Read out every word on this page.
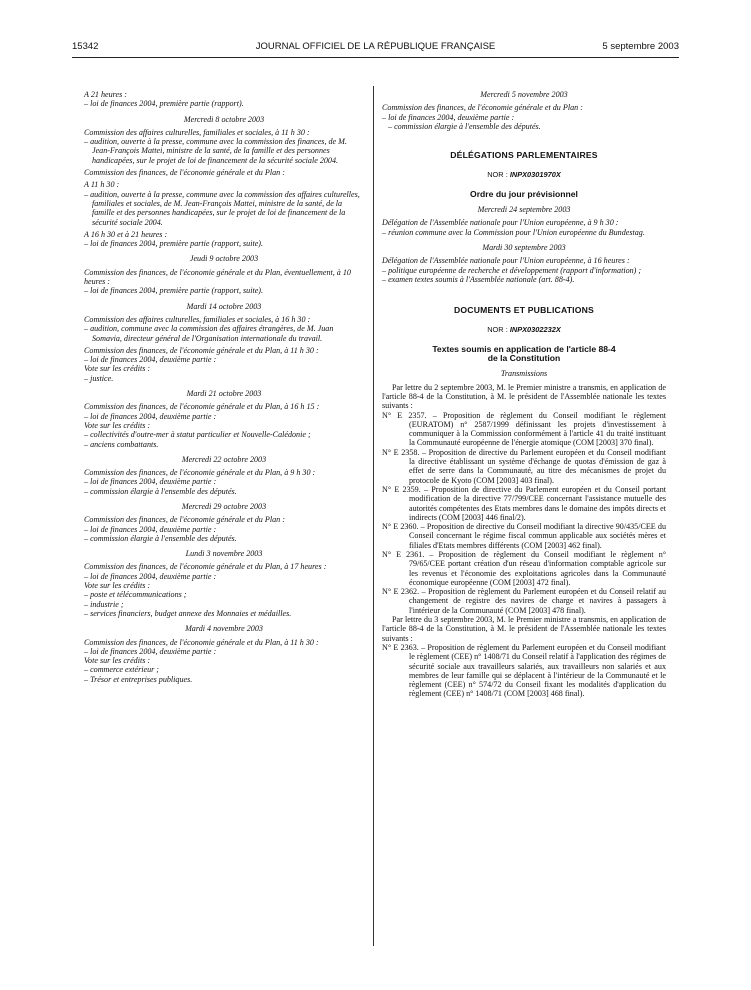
15342	JOURNAL OFFICIEL DE LA RÉPUBLIQUE FRANÇAISE	5 septembre 2003

A 21 heures :

– loi de finances 2004, première partie (rapport).

Mercredi 8 octobre 2003

Commission des affaires culturelles, familiales et sociales, à 11 h 30 :

– audition, ouverte à la presse, commune avec la commission des finances, de M. Jean-François Mattei, ministre de la santé, de la famille et des personnes handicapées, sur le projet de loi de financement de la sécurité sociale 2004.

Commission des finances, de l'économie générale et du Plan :

A 11 h 30 :

– audition, ouverte à la presse, commune avec la commission des affaires culturelles, familiales et sociales, de M. Jean-François Mattei, ministre de la santé, de la famille et des personnes handicapées, sur le projet de loi de financement de la sécurité sociale 2004.

A 16 h 30 et à 21 heures :

– loi de finances 2004, première partie (rapport, suite).

Jeudi 9 octobre 2003

Commission des finances, de l'économie générale et du Plan, éventuellement, à 10 heures :

– loi de finances 2004, première partie (rapport, suite).

Mardi 14 octobre 2003

Commission des affaires culturelles, familiales et sociales, à 16 h 30 :

– audition, commune avec la commission des affaires étrangères, de M. Juan Somavia, directeur général de l'Organisation internationale du travail.

Commission des finances, de l'économie générale et du Plan, à 11 h 30 :

– loi de finances 2004, deuxième partie :

Vote sur les crédits :

– justice.

Mardi 21 octobre 2003

Commission des finances, de l'économie générale et du Plan, à 16 h 15 :

– loi de finances 2004, deuxième partie :

Vote sur les crédits :

– collectivités d'outre-mer à statut particulier et Nouvelle-Calédonie ;

– anciens combattants.

Mercredi 22 octobre 2003

Commission des finances, de l'économie générale et du Plan, à 9 h 30 :

– loi de finances 2004, deuxième partie :

– commission élargie à l'ensemble des députés.

Mercredi 29 octobre 2003

Commission des finances, de l'économie générale et du Plan :

– loi de finances 2004, deuxième partie :

– commission élargie à l'ensemble des députés.

Lundi 3 novembre 2003

Commission des finances, de l'économie générale et du Plan, à 17 heures :

– loi de finances 2004, deuxième partie :

Vote sur les crédits :

– poste et télécommunications ;

– industrie ;

– services financiers, budget annexe des Monnaies et médailles.

Mardi 4 novembre 2003

Commission des finances, de l'économie générale et du Plan, à 11 h 30 :

– loi de finances 2004, deuxième partie :

Vote sur les crédits :

– commerce extérieur ;

– Trésor et entreprises publiques.

Mercredi 5 novembre 2003

Commission des finances, de l'économie générale et du Plan :

– loi de finances 2004, deuxième partie :

– commission élargie à l'ensemble des députés.

DÉLÉGATIONS PARLEMENTAIRES
NOR : INPX0301970X
Ordre du jour prévisionnel

Mercredi 24 septembre 2003

Délégation de l'Assemblée nationale pour l'Union européenne, à 9 h 30 :

– réunion commune avec la Commission pour l'Union européenne du Bundestag.

Mardi 30 septembre 2003

Délégation de l'Assemblée nationale pour l'Union européenne, à 16 heures :

– politique européenne de recherche et développement (rapport d'information) ;

– examen textes soumis à l'Assemblée nationale (art. 88-4).

DOCUMENTS ET PUBLICATIONS
NOR : INPX0302232X
Textes soumis en application de l'article 88-4
de la Constitution

Transmissions

Par lettre du 2 septembre 2003, M. le Premier ministre a transmis, en application de l'article 88-4 de la Constitution, à M. le président de l'Assemblée nationale les textes suivants :

N° E 2357. – Proposition de règlement du Conseil modifiant le règlement (EURATOM) n° 2587/1999 définissant les projets d'investissement à communiquer à la Commission conformément à l'article 41 du traité instituant la Communauté européenne de l'énergie atomique (COM [2003] 370 final).

N° E 2358. – Proposition de directive du Parlement européen et du Conseil modifiant la directive établissant un système d'échange de quotas d'émission de gaz à effet de serre dans la Communauté, au titre des mécanismes de projet du protocole de Kyoto (COM [2003] 403 final).

N° E 2359. – Proposition de directive du Parlement européen et du Conseil portant modification de la directive 77/799/CEE concernant l'assistance mutuelle des autorités compétentes des Etats membres dans le domaine des impôts directs et indirects (COM [2003] 446 final/2).

N° E 2360. – Proposition de directive du Conseil modifiant la directive 90/435/CEE du Conseil concernant le régime fiscal commun applicable aux sociétés mères et filiales d'Etats membres différents (COM [2003] 462 final).

N° E 2361. – Proposition de règlement du Conseil modifiant le règlement n° 79/65/CEE portant création d'un réseau d'information comptable agricole sur les revenus et l'économie des exploitations agricoles dans la Communauté économique européenne (COM [2003] 472 final).

N° E 2362. – Proposition de règlement du Parlement européen et du Conseil relatif au changement de registre des navires de charge et navires à passagers à l'intérieur de la Communauté (COM [2003] 478 final).

Par lettre du 3 septembre 2003, M. le Premier ministre a transmis, en application de l'article 88-4 de la Constitution, à M. le président de l'Assemblée nationale les textes suivants :

N° E 2363. – Proposition de règlement du Parlement européen et du Conseil modifiant le règlement (CEE) n° 1408/71 du Conseil relatif à l'application des régimes de sécurité sociale aux travailleurs salariés, aux travailleurs non salariés et aux membres de leur famille qui se déplacent à l'intérieur de la Communauté et le règlement (CEE) n° 574/72 du Conseil fixant les modalités d'application du règlement (CEE) n° 1408/71 (COM [2003] 468 final).
